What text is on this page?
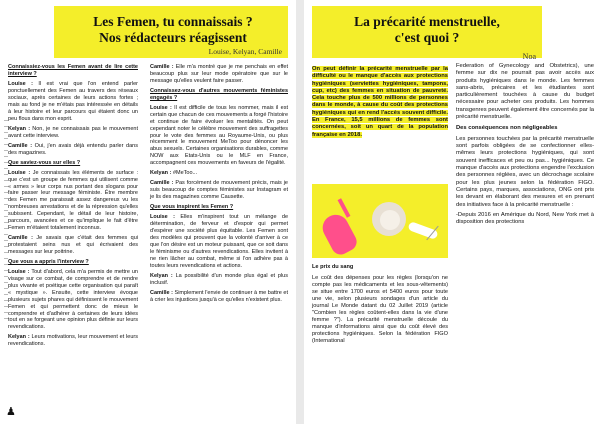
Les Femen, tu connaissais ?
Nos rédacteurs réagissent
Louise, Kelyan, Camille

Connaissiez-vous les Femen avant de lire cette interview ?

Louise : Il est vrai que l'on entend parler ponctuellement des Femen au travers des réseaux sociaux, après certaines de leurs actions fortes ; mais au fond je ne m'étais pas intéressée en détails à leur histoire et leur parcours qui étaient donc un peu flous dans mon esprit.

Kelyan : Non, je ne connaissais pas le mouvement avant cette interview.

Camille : Oui, j'en avais déjà entendu parler dans des magazines.

Que saviez-vous sur elles ?

Louise : Je connaissais les éléments de surface : que c'est un groupe de femmes qui utilisent comme « armes » leur corps nus portant des slogans pour faire passer leur message féministe. Être membre des Femen me paraissait assez dangereux vu les nombreuses arrestations et de la répression qu'elles subissent. Cependant, le détail de leur histoire, parcours, avancées et ce qu'implique le fait d'être Femen m'étaient totalement inconnus.

Camille : Je savais que c'était des femmes qui protestaient seins nus et qui écrivaient des messages sur leur poitrine.

Que vous a appris l'interview ?

Louise : Tout d'abord, cela m'a permis de mettre un visage sur ce combat, de comprendre et de rendre plus vivante et poétique cette organisation qui paraît « mystique ». Ensuite, cette interview évoque plusieurs sujets phares qui définissent le mouvement Femen et qui permettent donc de mieux le comprendre et d'adhérer à certaines de leurs idées tout en se forgeant une opinion plus définie sur leurs revendications.

Kelyan : Leurs motivations, leur mouvement et leurs revendications.

Camille : Elle m'a montré que je me penchais en effet beaucoup plus sur leur mode opératoire que sur le message qu'elles veulent faire passer.

Connaissez-vous d'autres mouvements féministes engagés ?

Louise : Il est difficile de tous les nommer, mais il est certain que chacun de ces mouvements a forgé l'histoire et continue de faire évoluer les mentalités. On peut cependant noter le célèbre mouvement des suffragettes pour le vote des femmes au Royaume-Unis, ou plus récemment le mouvement MeToo pour dénoncer les abus sexuels. Certaines organisations durables, comme NOW aux Etats-Unis ou le MLF en France, accompagnent ces mouvements en faveurs de l'égalité.

Kelyan : #MeToo...

Camille : Pas forcément de mouvement précis, mais je suis beaucoup de comptes féministes sur Instagram et je lis des magazines comme Causette.

Que vous inspirent les Femen ?

Louise : Elles m'inspirent tout un mélange de détermination, de ferveur et d'espoir qui permet d'espérer une société plus équitable. Les Femen sont des modèles qui prouvent que la volonté d'arriver à ce que l'on désire est un moteur puissant, que ce soit dans le féminisme ou d'autres revendications. Elles invitent à ne rien lâcher au combat, même si l'on adhère pas à toutes leurs revendications et actions.

Kelyan : La possibilité d'un monde plus égal et plus inclusif.

Camille : Simplement l'envie de continuer à me battre et à crier les injustices jusqu'à ce qu'elles n'existent plus.

♟
La précarité menstruelle,
c'est quoi ?
Noa
On peut définir la précarité menstruelle par la difficulté ou le manque d'accès aux protections hygiéniques (serviettes hygiéniques, tampons, cup, etc) des femmes en situation de pauvreté. Cela touche plus de 500 millions de personnes dans le monde, à cause du coût des protections hygiéniques qui en rend l'accès souvent difficile. En France, 15,5 millions de femmes sont concernées, soit un quart de la population française en 2018.
Le prix du sang
Le coût des dépenses pour les règles (lorsqu'on ne compte pas les médicaments et les sous-vêtements) se situe entre 1700 euros et 5400 euros pour toute une vie, selon plusieurs sondages d'un article du journal Le Monde datant du 02 Juillet 2019 (article "Combien les règles coûtent-elles dans la vie d'une femme ?"). La précarité menstruelle découle du manque d'informations ainsi que du coût élevé des protections hygiéniques. Selon la fédération FIGO (International

Federation of Gynecology and Obstetrics), une femme sur dix ne pourrait pas avoir accès aux produits hygiéniques dans le monde. Les femmes sans-abris, précaires et les étudiantes sont particulièrement touchées à cause du budget nécessaire pour acheter ces produits. Les hommes transgenres peuvent également être concernés par la précarité menstruelle.

Des conséquences non négligeables

Les personnes touchées par la précarité menstruelle sont parfois obligées de se confectionner elles-mêmes leurs protections hygiéniques, qui sont souvent inefficaces et peu ou pas... hygiéniques. Ce manque d'accès aux protections engendre l'exclusion des personnes réglées, avec un décrochage scolaire pour les plus jeunes selon la fédération FIGO. Certains pays, marques, associations, ONG ont pris les devant en élaborant des mesures et en prenant des initiatives face à la précarité menstruelle :

-Depuis 2016 en Amérique du Nord, New York met à disposition des protections
